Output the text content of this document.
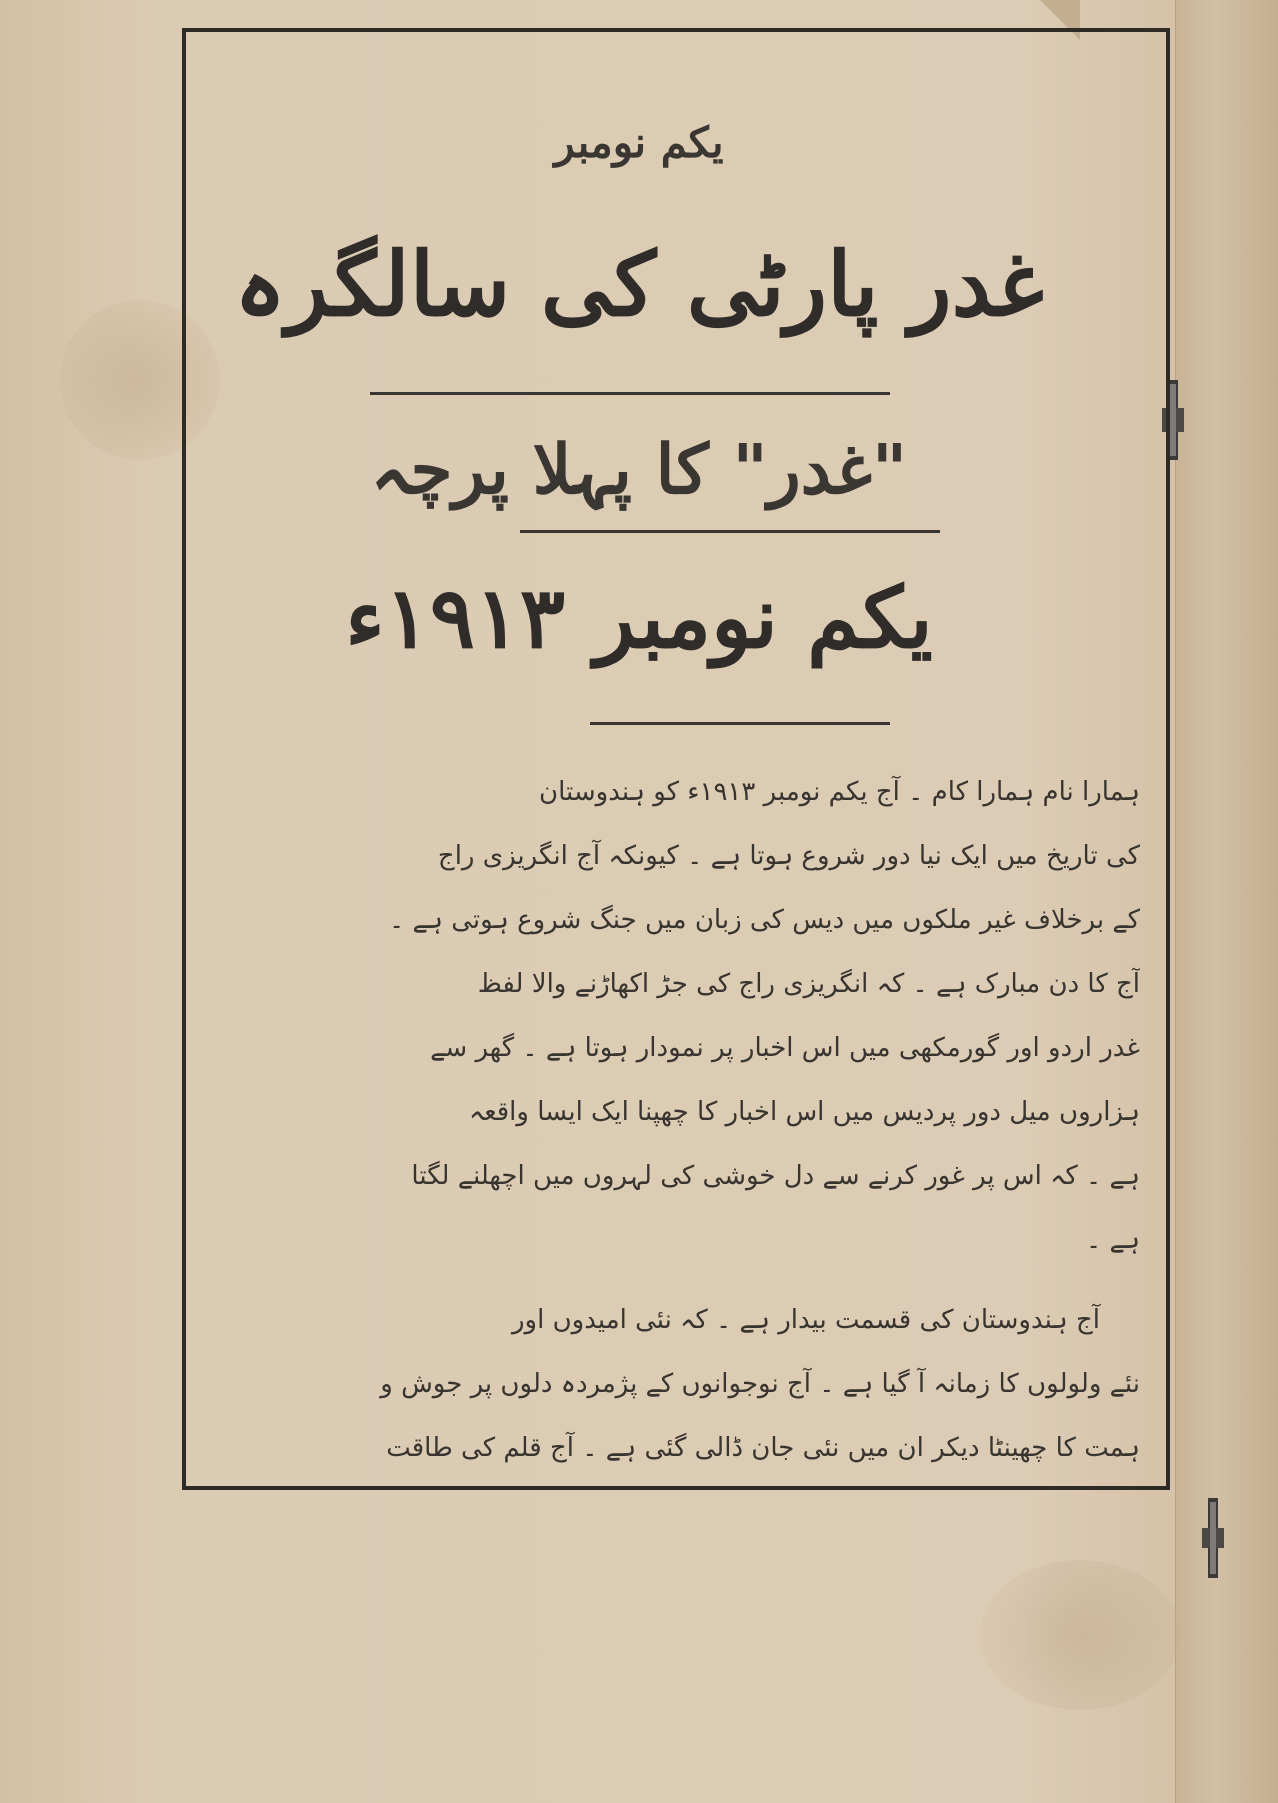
یکم نومبر
غدر پارٹی کی سالگرہ
"غدر" کا پہلا پرچہ
یکم نومبر ۱۹۱۳ء
ہمارا نام ہمارا کام ۔ آج یکم نومبر ۱۹۱۳ء کو ہندوستان
کی تاریخ میں ایک نیا دور شروع ہوتا ہے ۔ کیونکہ آج انگریزی راج
کے برخلاف غیر ملکوں میں دیس کی زبان میں جنگ شروع ہوتی ہے ۔
آج کا دن مبارک ہے ۔ کہ انگریزی راج کی جڑ اکھاڑنے والا لفظ
غدر اردو اور گورمکھی میں اس اخبار پر نمودار ہوتا ہے ۔ گھر سے
ہزاروں میل دور پردیس میں اس اخبار کا چھپنا ایک ایسا واقعہ
ہے ۔ کہ اس پر غور کرنے سے دل خوشی کی لہروں میں اچھلنے لگتا
ہے ۔
آج ہندوستان کی قسمت بیدار ہے ۔ کہ نئی امیدوں اور
نئے ولولوں کا زمانہ آ گیا ہے ۔ آج نوجوانوں کے پژمردہ دلوں پر جوش و
ہمت کا چھینٹا دیکر ان میں نئی جان ڈالی گئی ہے ۔ آج قلم کی طاقت
